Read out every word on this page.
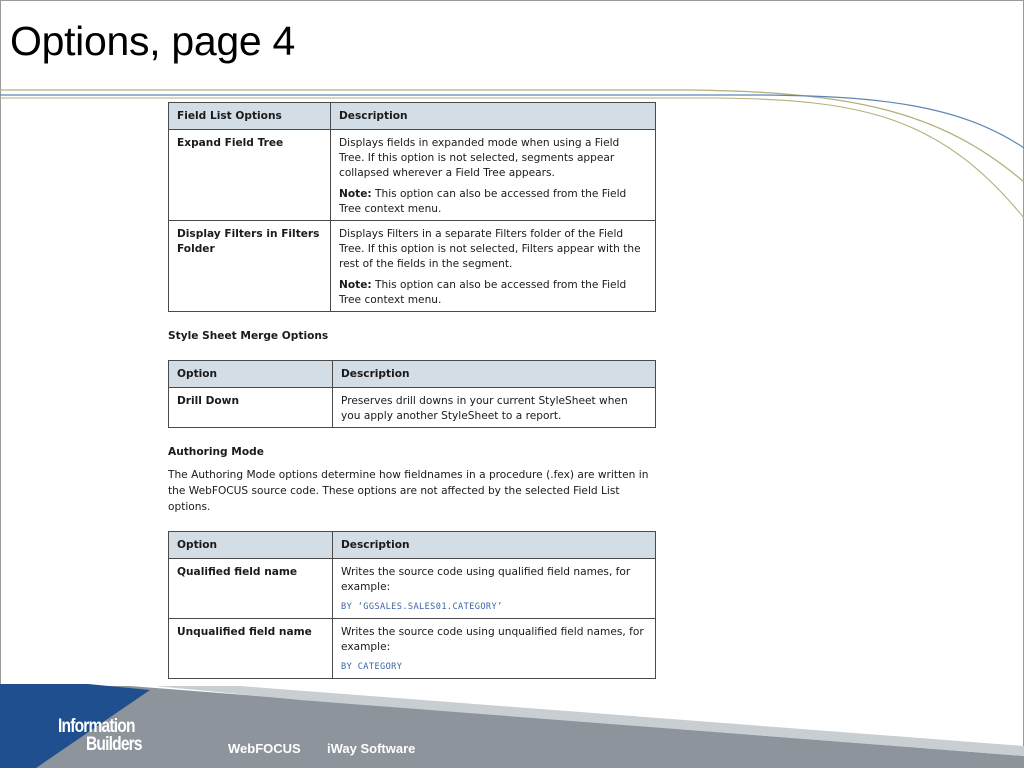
Options, page 4
Field List Options	Description
Expand Field Tree	Displays fields in expanded mode when using a Field Tree. If this option is not selected, segments appear collapsed wherever a Field Tree appears.
Note: This option can also be accessed from the Field Tree context menu.

Display Filters in Filters Folder	Displays Filters in a separate Filters folder of the Field Tree. If this option is not selected, Filters appear with the rest of the fields in the segment.
Note: This option can also be accessed from the Field Tree context menu.
Style Sheet Merge Options
Option	Description
Drill Down	Preserves drill downs in your current StyleSheet when you apply another StyleSheet to a report.
Authoring Mode
The Authoring Mode options determine how fieldnames in a procedure (.fex) are written in the WebFOCUS source code. These options are not affected by the selected Field List options.
Option	Description
Qualified field name	Writes the source code using qualified field names, for example:
BY ‘GGSALES.SALES01.CATEGORY’

Unqualified field name	Writes the source code using unqualified field names, for example:
BY CATEGORY
Information
Builders	WebFOCUS iWay Software
